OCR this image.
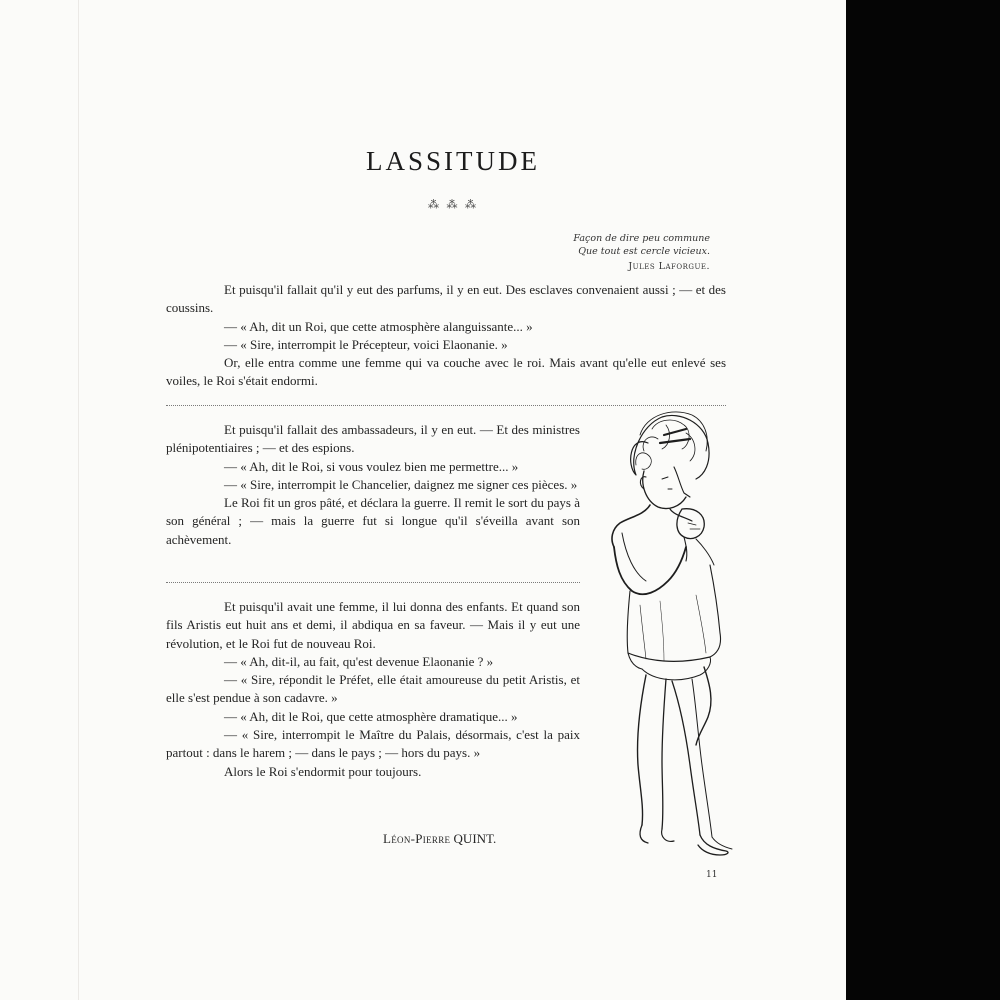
LASSITUDE
⁂ ⁂ ⁂
Façon de dire peu commune
Que tout est cercle vicieux.
Jules Laforgue.

Et puisqu'il fallait qu'il y eut des parfums, il y en eut. Des esclaves convenaient aussi ; — et des coussins.

— « Ah, dit un Roi, que cette atmosphère alanguissante... »

— « Sire, interrompit le Précepteur, voici Elaonanie. »

Or, elle entra comme une femme qui va couche avec le roi. Mais avant qu'elle eut enlevé ses voiles, le Roi s'était endormi.

Et puisqu'il fallait des ambassadeurs, il y en eut. — Et des ministres plénipotentiaires ; — et des espions.

— « Ah, dit le Roi, si vous voulez bien me permettre... »

— « Sire, interrompit le Chancelier, daignez me signer ces pièces. »

Le Roi fit un gros pâté, et déclara la guerre. Il remit le sort du pays à son général ; — mais la guerre fut si longue qu'il s'éveilla avant son achèvement.

Et puisqu'il avait une femme, il lui donna des enfants. Et quand son fils Aristis eut huit ans et demi, il abdiqua en sa faveur. — Mais il y eut une révolution, et le Roi fut de nouveau Roi.

— « Ah, dit-il, au fait, qu'est devenue Elaonanie ? »

— « Sire, répondit le Préfet, elle était amoureuse du petit Aristis, et elle s'est pendue à son cadavre. »

— « Ah, dit le Roi, que cette atmosphère dramatique... »

— « Sire, interrompit le Maître du Palais, désormais, c'est la paix partout : dans le harem ; — dans le pays ; — hors du pays. »

Alors le Roi s'endormit pour toujours.

Léon-Pierre QUINT.
11
